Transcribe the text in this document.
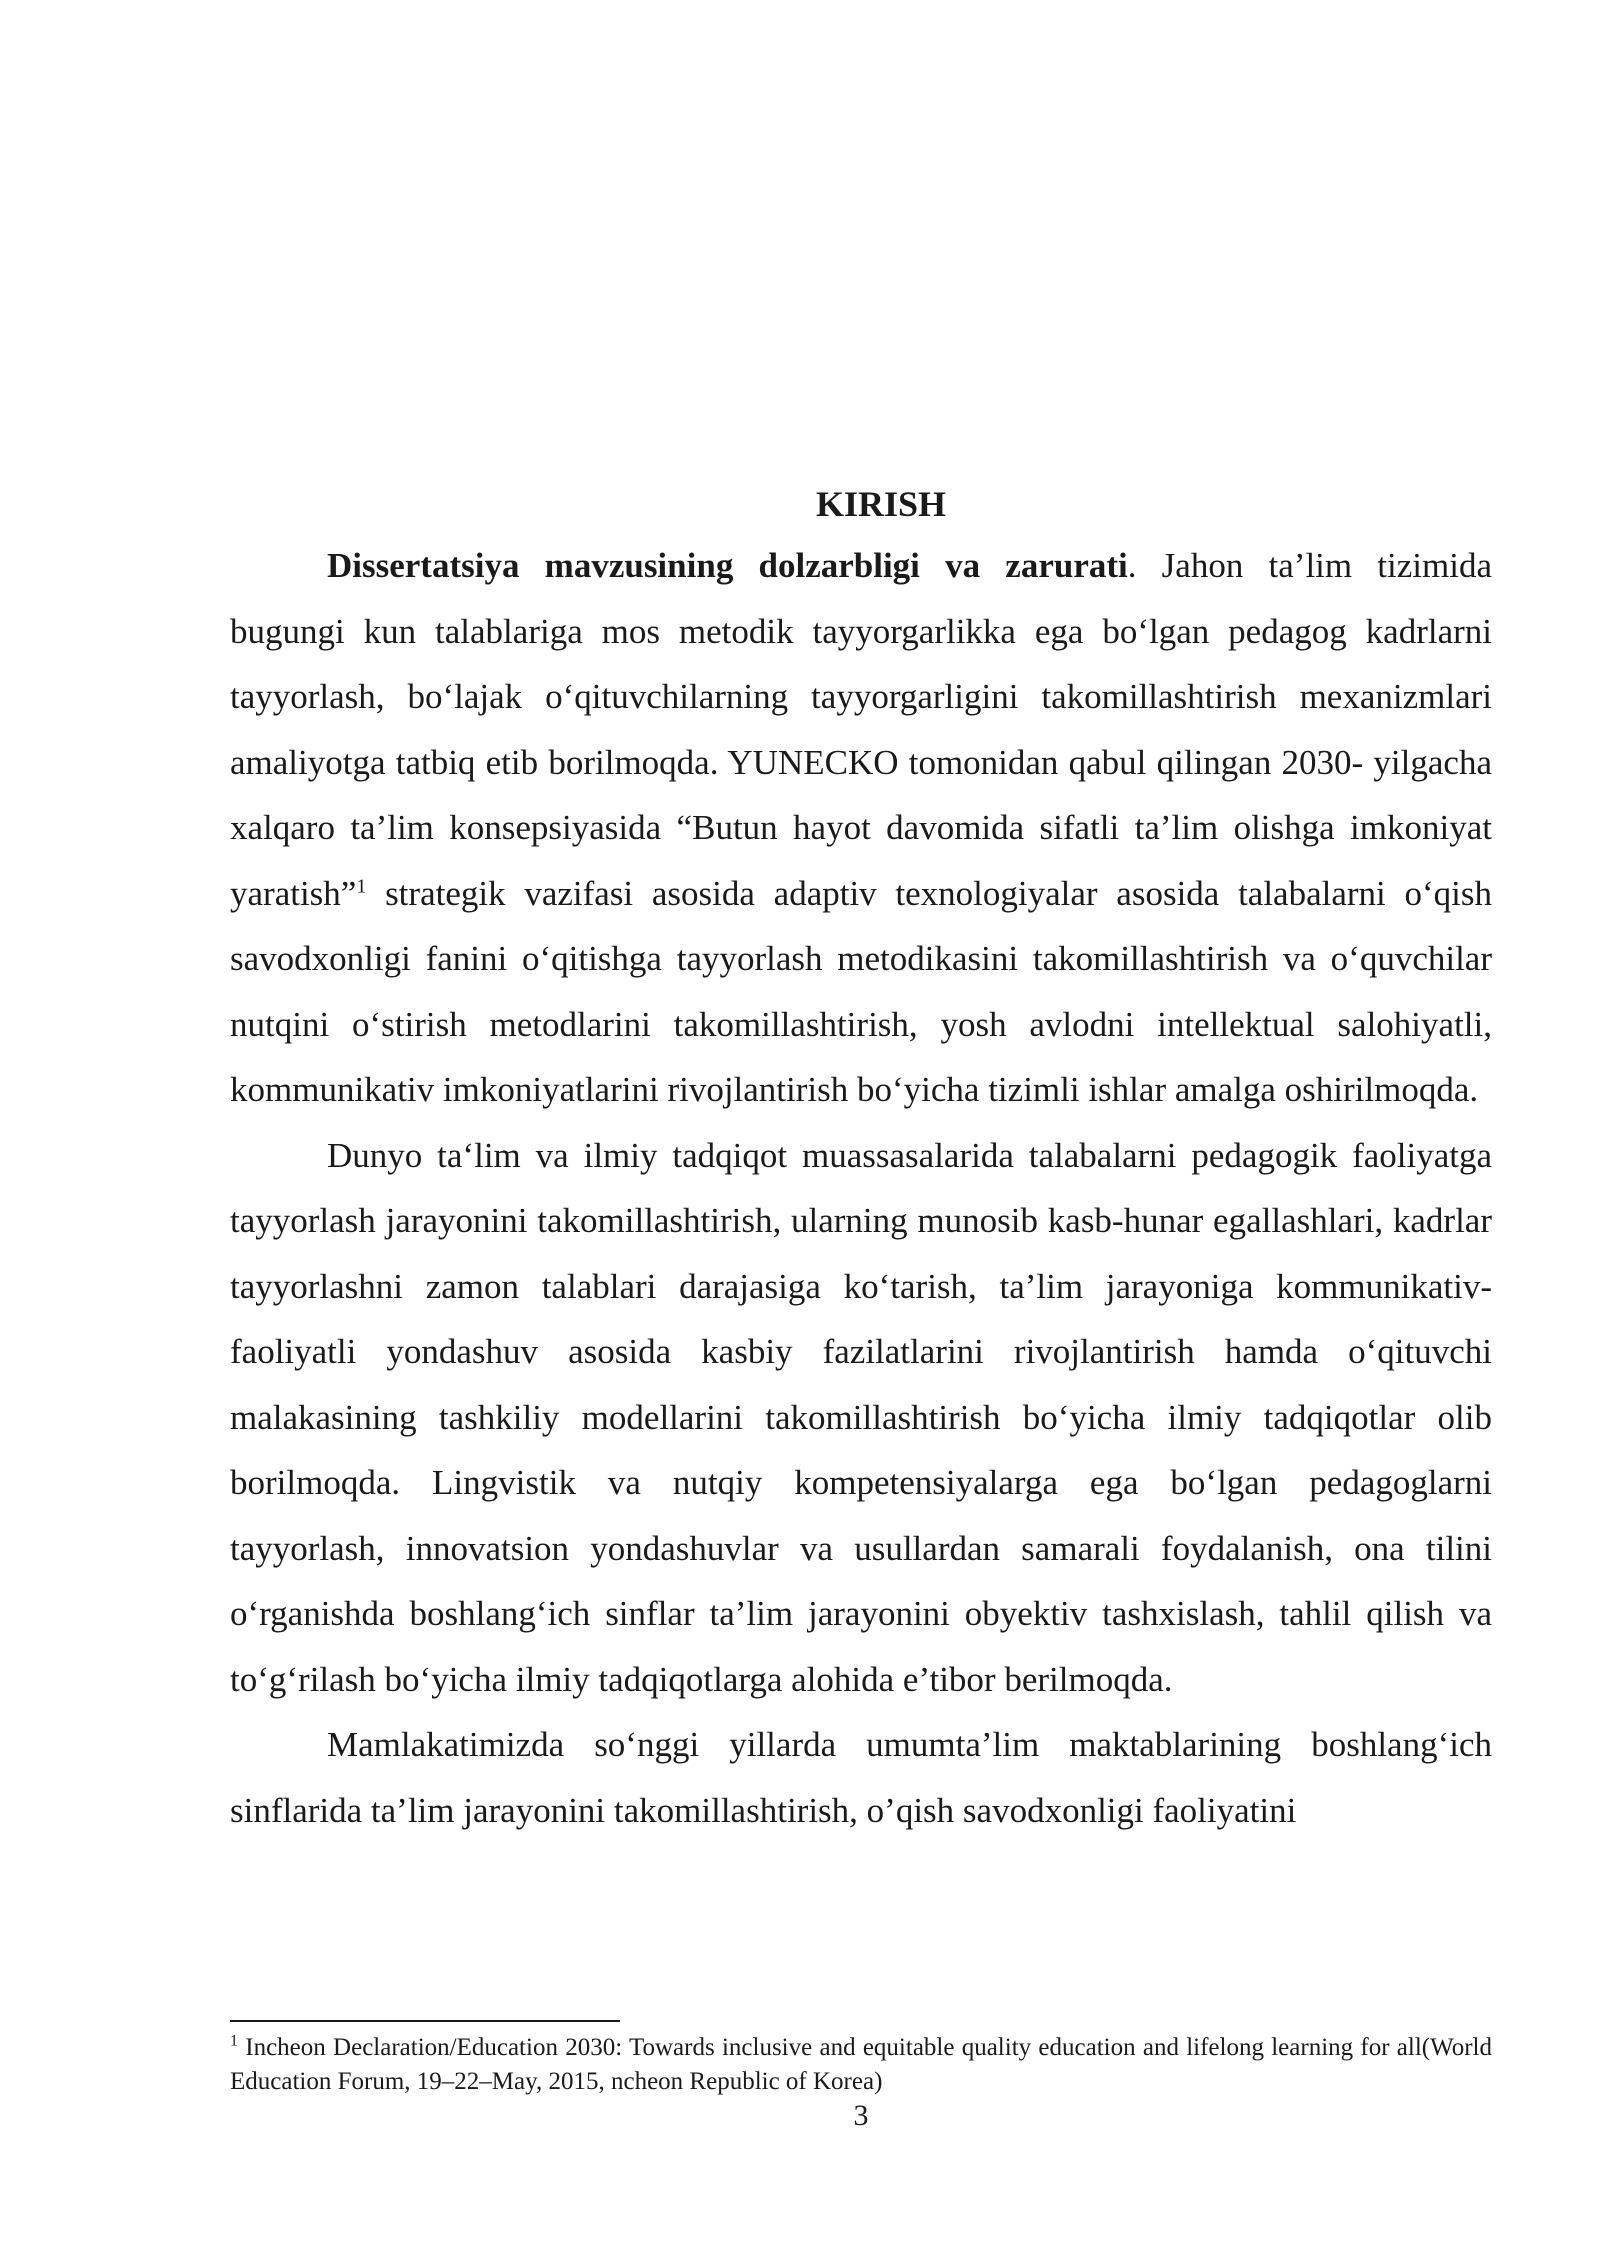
KIRISH

Dissertatsiya mavzusining dolzarbligi va zarurati. Jahon ta’lim tizimida bugungi kun talablariga mos metodik tayyorgarlikka ega bo‘lgan pedagog kadrlarni tayyorlash, bo‘lajak o‘qituvchilarning tayyorgarligini takomillashtirish mexanizmlari amaliyotga tatbiq etib borilmoqda. YUNECKO tomonidan qabul qilingan 2030- yilgacha xalqaro ta’lim konsepsiyasida “Butun hayot davomida sifatli ta’lim olishga imkoniyat yaratish”$^1$ strategik vazifasi asosida adaptiv texnologiyalar asosida talabalarni o‘qish savodxonligi fanini o‘qitishga tayyorlash metodikasini takomillashtirish va o‘quvchilar nutqini o‘stirish metodlarini takomillashtirish, yosh avlodni intellektual salohiyatli, kommunikativ imkoniyatlarini rivojlantirish bo‘yicha tizimli ishlar amalga oshirilmoqda.

Dunyo ta‘lim va ilmiy tadqiqot muassasalarida talabalarni pedagogik faoliyatga tayyorlash jarayonini takomillashtirish, ularning munosib kasb-hunar egallashlari, kadrlar tayyorlashni zamon talablari darajasiga ko‘tarish, ta’lim jarayoniga kommunikativ-faoliyatli yondashuv asosida kasbiy fazilatlarini rivojlantirish hamda o‘qituvchi malakasining tashkiliy modellarini takomillashtirish bo‘yicha ilmiy tadqiqotlar olib borilmoqda. Lingvistik va nutqiy kompetensiyalarga ega bo‘lgan pedagoglarni tayyorlash, innovatsion yondashuvlar va usullardan samarali foydalanish, ona tilini o‘rganishda boshlang‘ich sinflar ta’lim jarayonini obyektiv tashxislash, tahlil qilish va to‘g‘rilash bo‘yicha ilmiy tadqiqotlarga alohida e’tibor berilmoqda.

Mamlakatimizda so‘nggi yillarda umumta’lim maktablarining boshlang‘ich sinflarida ta’lim jarayonini takomillashtirish, o’qish savodxonligi faoliyatini

$^1$ Incheon Declaration/Education 2030: Towards inclusive and equitable quality education and lifelong learning for all(World Education Forum, 19–22–May, 2015, ncheon Republic of Korea)

3
